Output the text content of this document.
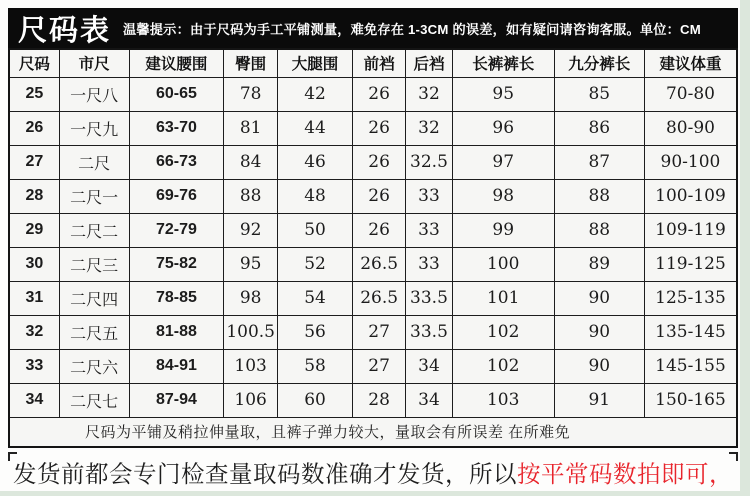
尺码表 温馨提示：由于尺码为手工平铺测量，难免存在 1-3CM 的误差，如有疑问请咨询客服。单位：CM
尺码	市尺	建议腰围	臀围	大腿围	前裆	后裆	长裤裤长	九分裤长	建议体重
25	一尺八	60-65	78	42	26	32	95	85	70-80
26	一尺九	63-70	81	44	26	32	96	86	80-90
27	二尺	66-73	84	46	26	32.5	97	87	90-100
28	二尺一	69-76	88	48	26	33	98	88	100-109
29	二尺二	72-79	92	50	26	33	99	88	109-119
30	二尺三	75-82	95	52	26.5	33	100	89	119-125
31	二尺四	78-85	98	54	26.5	33.5	101	90	125-135
32	二尺五	81-88	100.5	56	27	33.5	102	90	135-145
33	二尺六	84-91	103	58	27	34	102	90	145-155
34	二尺七	87-94	106	60	28	34	103	91	150-165
尺码为平铺及稍拉伸量取，且裤子弹力较大，量取会有所误差 在所难免									
发货前都会专门检查量取码数准确才发货，所以 按平常码数拍即可，
